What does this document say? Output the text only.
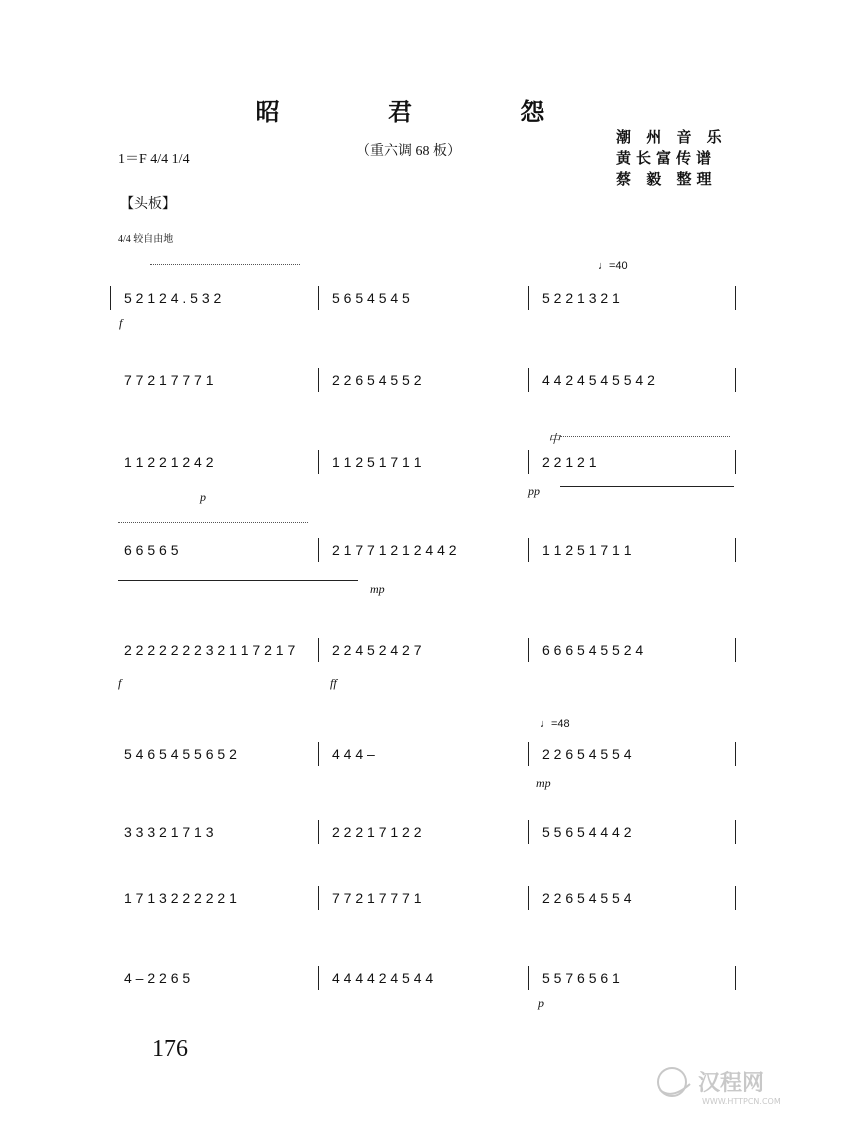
昭 君 怨
1＝F 4/4 1/4
（重六调 68 板）
潮 州 音 乐
黄长富传谱
蔡 毅 整理
【头板】
4/4 较自由地
♩=40
♩=48
f
p	pp
mp
f	ff
mp
p
中
5 2 1 2 4 . 5 3 2	5 6 5 4 5 4 5	5 2 2 1 3 2 1
7 7 2 1 7 7 7 1	2 2 6 5 4 5 5 2	4 4 2 4 5 4 5 5 4 2
1 1 2 2 1 2 4 2	1 1 2 5 1 7 1 1	2 2 1 2 1
6 6 5 6 5	2 1 7 7 1 2 1 2 4 4 2	1 1 2 5 1 7 1 1
2 2 2 2 2 2 2 3 2 1 1 7 2 1 7	2 2 4 5 2 4 2 7	6 6 6 5 4 5 5 2 4
5 4 6 5 4 5 5 6 5 2	4 4 4 –	2 2 6 5 4 5 5 4
3 3 3 2 1 7 1 3	2 2 2 1 7 1 2 2	5 5 6 5 4 4 4 2
1 7 1 3 2 2 2 2 2 1	7 7 2 1 7 7 7 1	2 2 6 5 4 5 5 4
4 – 2 2 6 5	4 4 4 4 2 4 5 4 4	5 5 7 6 5 6 1
176
汉程网
WWW.HTTPCN.COM
